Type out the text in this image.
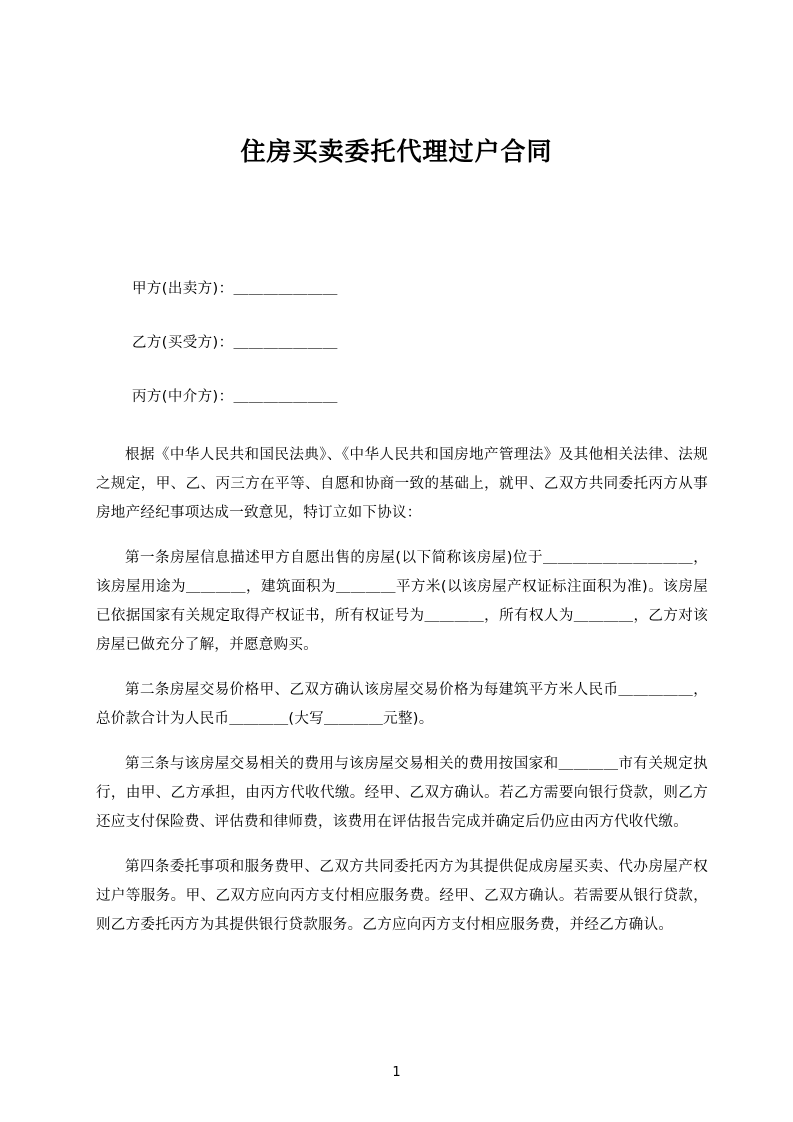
住房买卖委托代理过户合同

甲方(出卖方)：＿＿＿＿＿＿＿

乙方(买受方)：＿＿＿＿＿＿＿

丙方(中介方)：＿＿＿＿＿＿＿

根据《中华人民共和国民法典》、《中华人民共和国房地产管理法》及其他相关法律、法规之规定，甲、乙、丙三方在平等、自愿和协商一致的基础上，就甲、乙双方共同委托丙方从事房地产经纪事项达成一致意见，特订立如下协议：

第一条房屋信息描述甲方自愿出售的房屋(以下简称该房屋)位于＿＿＿＿＿＿＿＿＿＿，该房屋用途为＿＿＿＿，建筑面积为＿＿＿＿平方米(以该房屋产权证标注面积为准)。该房屋已依据国家有关规定取得产权证书，所有权证号为＿＿＿＿，所有权人为＿＿＿＿，乙方对该房屋已做充分了解，并愿意购买。

第二条房屋交易价格甲、乙双方确认该房屋交易价格为每建筑平方米人民币＿＿＿＿＿，总价款合计为人民币＿＿＿＿(大写＿＿＿＿元整)。

第三条与该房屋交易相关的费用与该房屋交易相关的费用按国家和＿＿＿＿市有关规定执行，由甲、乙方承担，由丙方代收代缴。经甲、乙双方确认。若乙方需要向银行贷款，则乙方还应支付保险费、评估费和律师费，该费用在评估报告完成并确定后仍应由丙方代收代缴。

第四条委托事项和服务费甲、乙双方共同委托丙方为其提供促成房屋买卖、代办房屋产权过户等服务。甲、乙双方应向丙方支付相应服务费。经甲、乙双方确认。若需要从银行贷款，则乙方委托丙方为其提供银行贷款服务。乙方应向丙方支付相应服务费，并经乙方确认。

1
